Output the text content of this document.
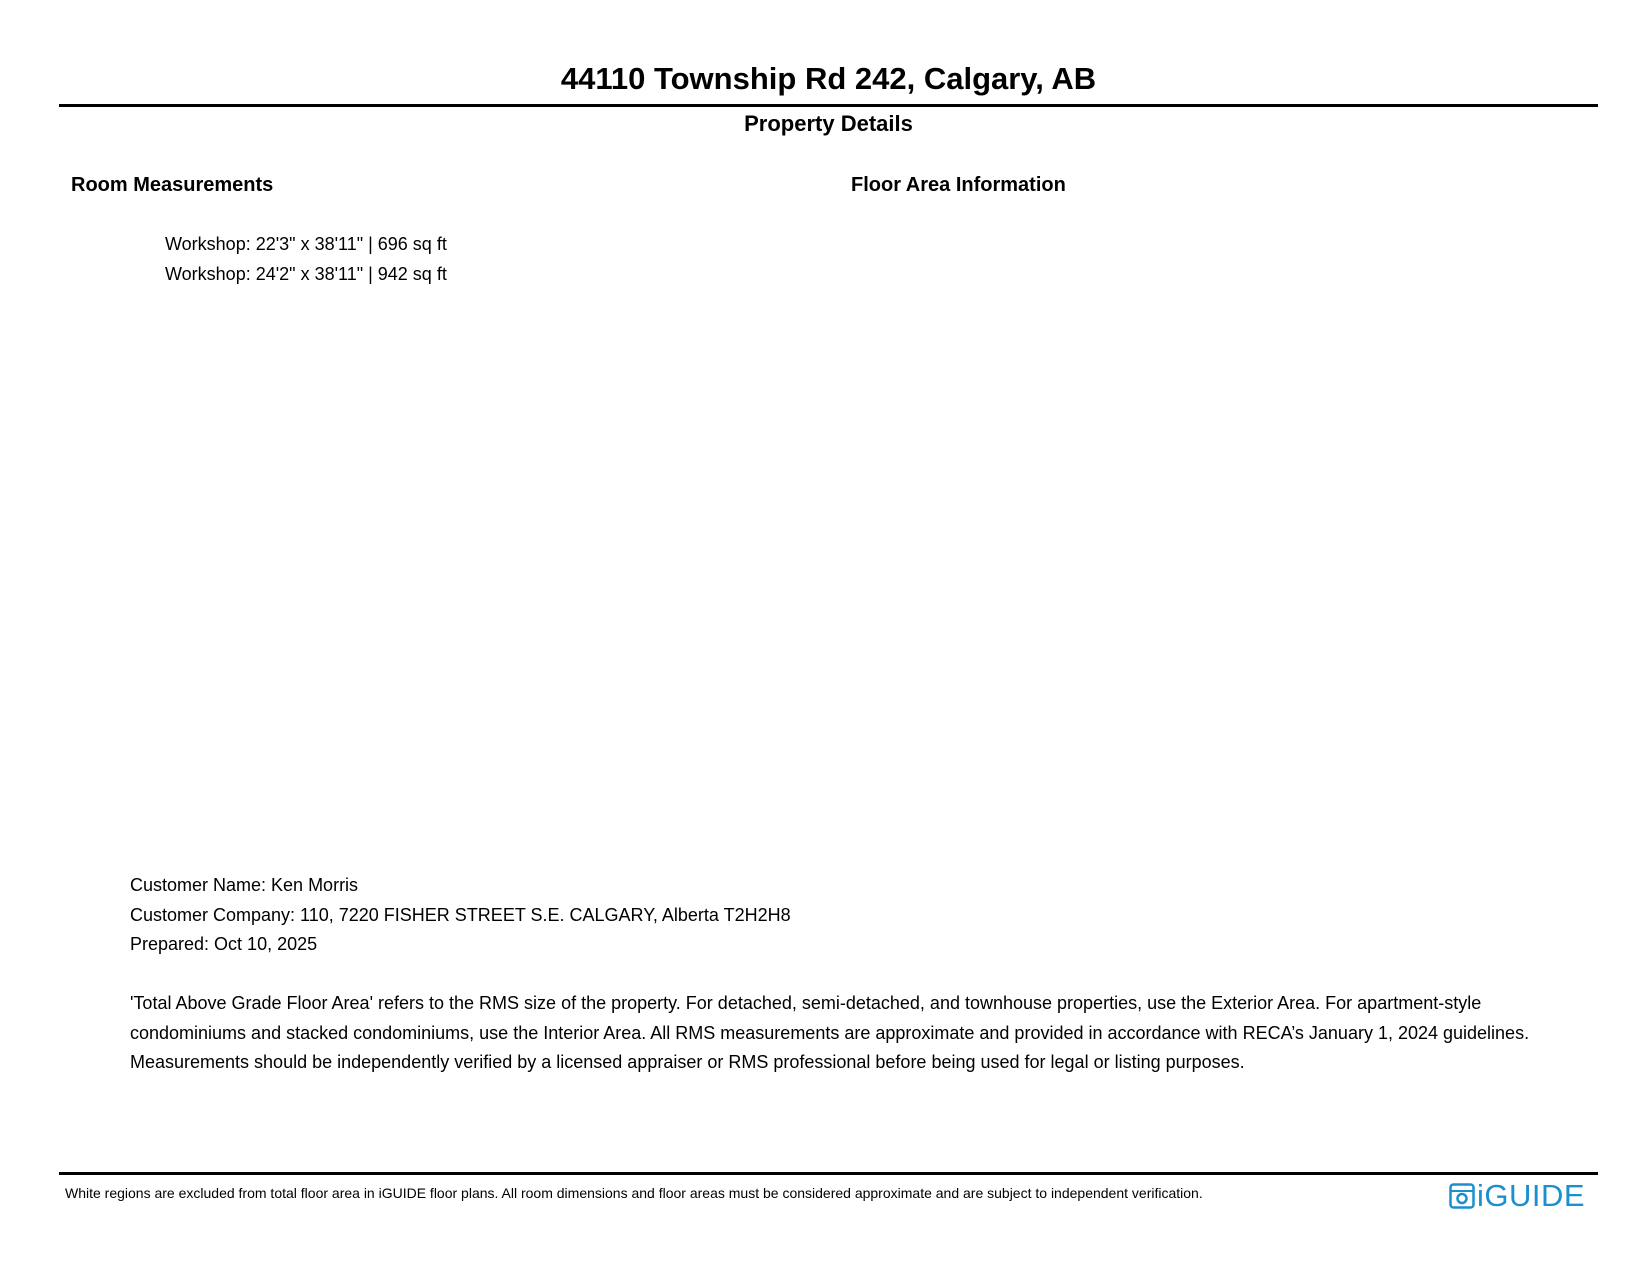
44110 Township Rd 242, Calgary, AB
Property Details
Room Measurements	Floor Area Information
Workshop: 22'3" x 38'11" | 696 sq ft
Workshop: 24'2" x 38'11" | 942 sq ft
Customer Name: Ken Morris
Customer Company: 110, 7220 FISHER STREET S.E. CALGARY, Alberta T2H2H8
Prepared: Oct 10, 2025

'Total Above Grade Floor Area' refers to the RMS size of the property. For detached, semi-detached, and townhouse properties, use the Exterior Area. For apartment-style condominiums and stacked condominiums, use the Interior Area. All RMS measurements are approximate and provided in accordance with RECA’s January 1, 2024 guidelines. Measurements should be independently verified by a licensed appraiser or RMS professional before being used for legal or listing purposes.

White regions are excluded from total floor area in iGUIDE floor plans. All room dimensions and floor areas must be considered approximate and are subject to independent verification.	iGUIDE
